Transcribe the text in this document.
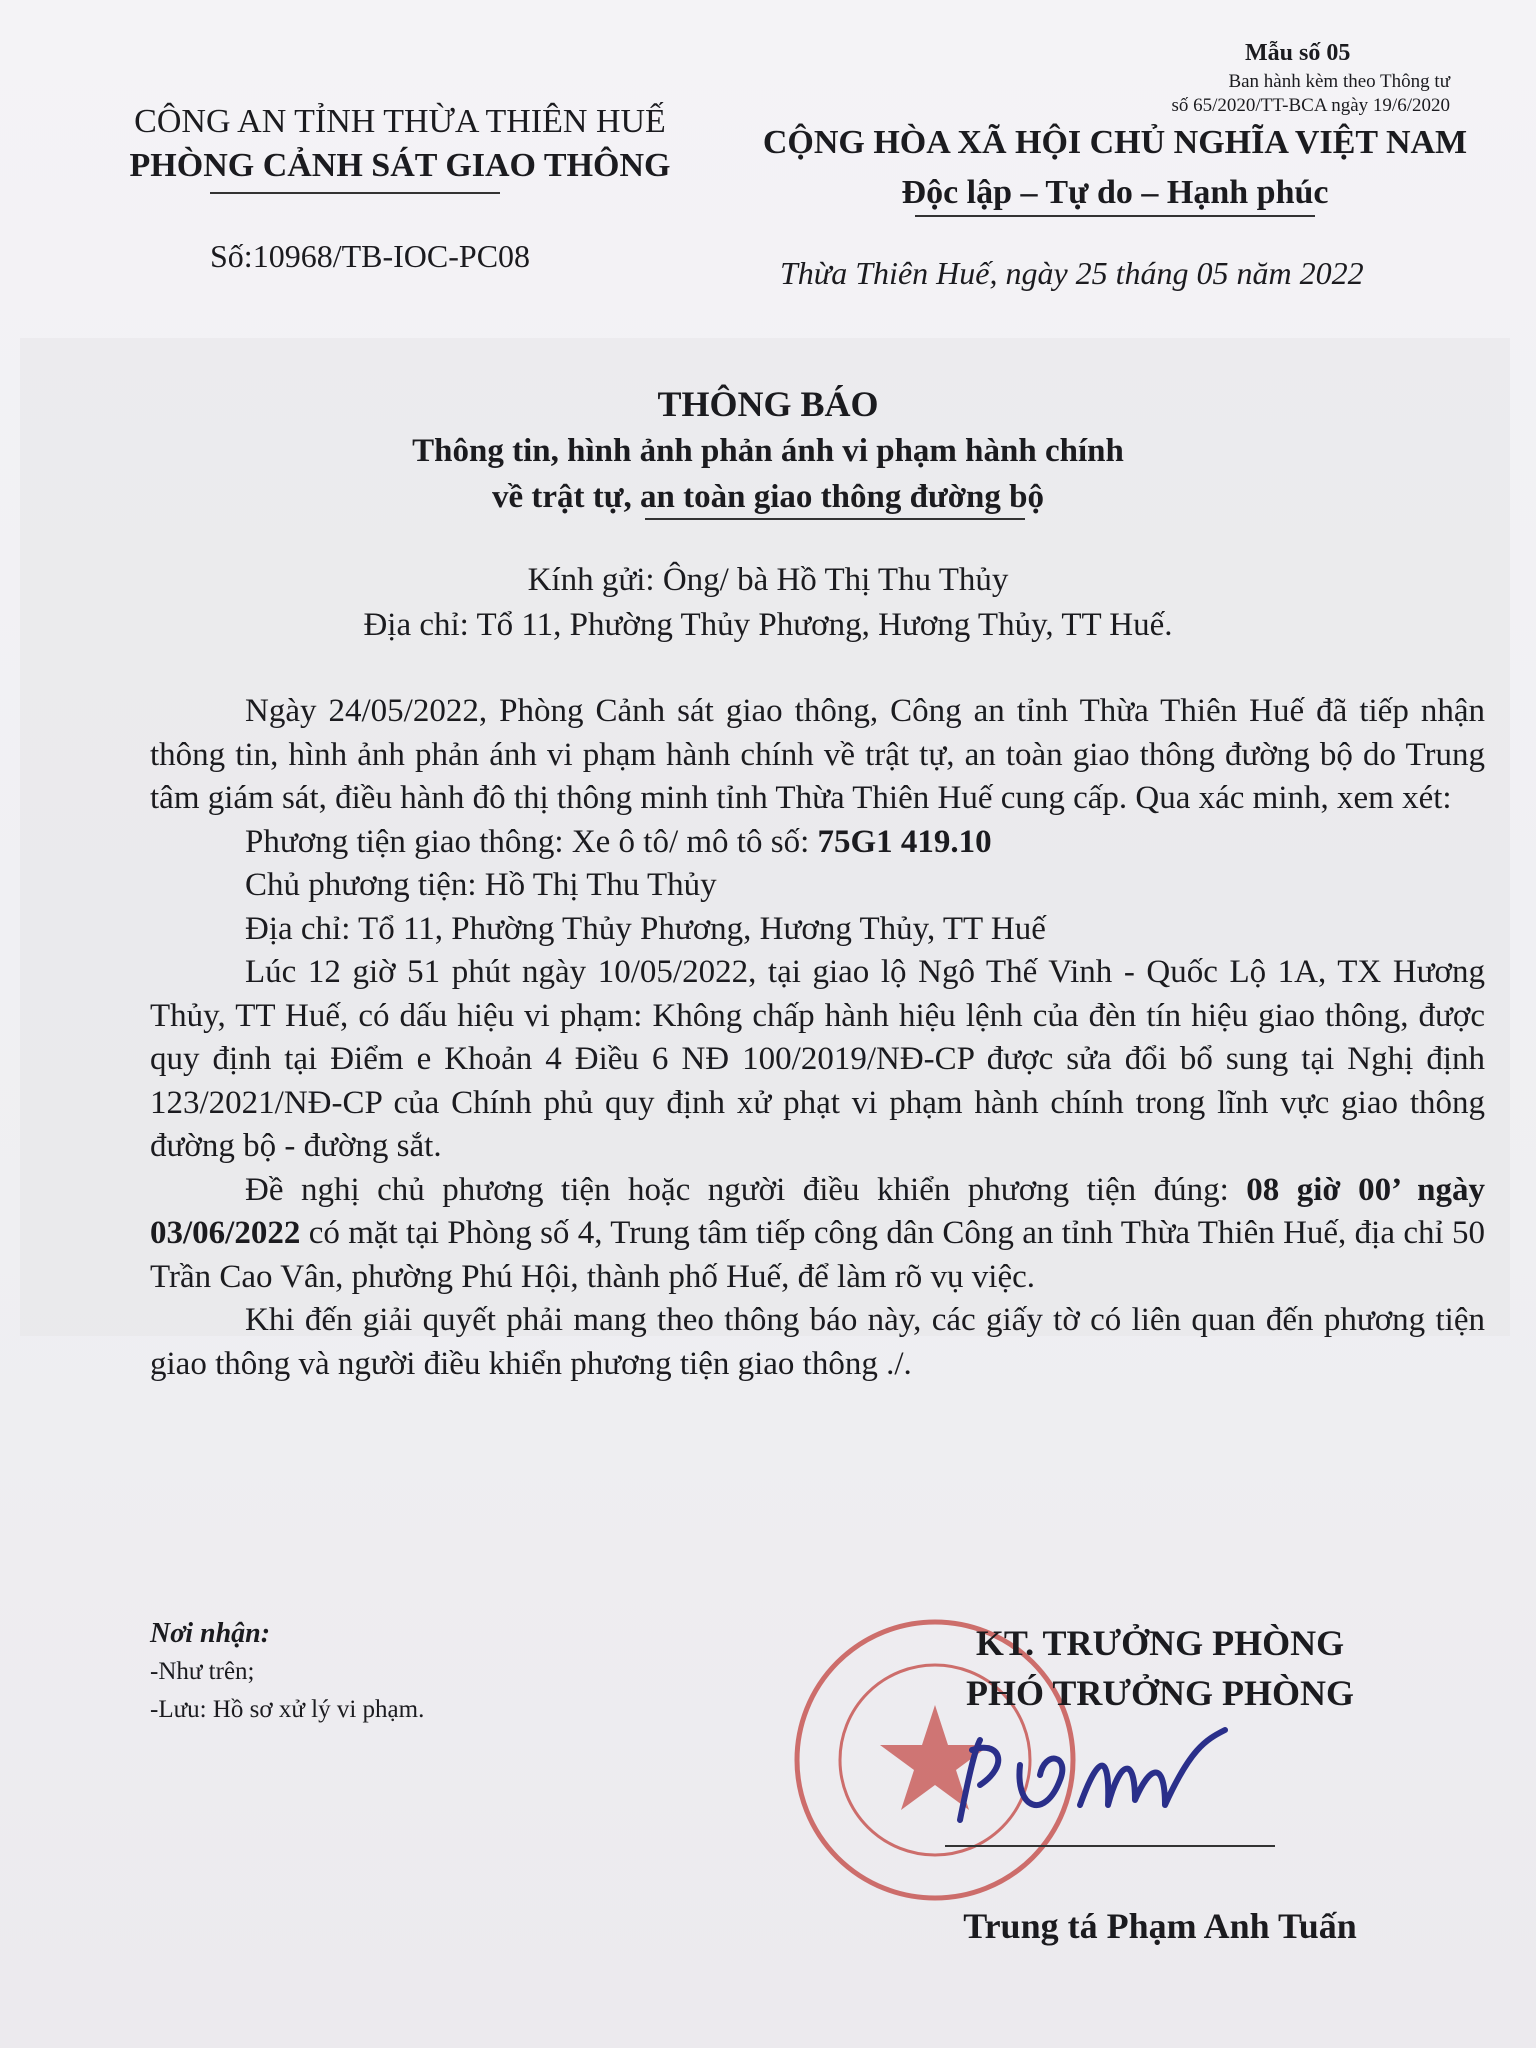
Mẫu số 05
Ban hành kèm theo Thông tư
số 65/2020/TT-BCA ngày 19/6/2020
CÔNG AN TỈNH THỪA THIÊN HUẾ
PHÒNG CẢNH SÁT GIAO THÔNG
Số:10968/TB-IOC-PC08
CỘNG HÒA XÃ HỘI CHỦ NGHĨA VIỆT NAM
Độc lập – Tự do – Hạnh phúc
Thừa Thiên Huế, ngày 25 tháng 05 năm 2022
THÔNG BÁO
Thông tin, hình ảnh phản ánh vi phạm hành chính
về trật tự, an toàn giao thông đường bộ
Kính gửi: Ông/ bà Hồ Thị Thu Thủy
Địa chỉ: Tổ 11, Phường Thủy Phương, Hương Thủy, TT Huế.

Ngày 24/05/2022, Phòng Cảnh sát giao thông, Công an tỉnh Thừa Thiên Huế đã tiếp nhận thông tin, hình ảnh phản ánh vi phạm hành chính về trật tự, an toàn giao thông đường bộ do Trung tâm giám sát, điều hành đô thị thông minh tỉnh Thừa Thiên Huế cung cấp. Qua xác minh, xem xét:

Phương tiện giao thông: Xe ô tô/ mô tô số: 75G1 419.10

Chủ phương tiện: Hồ Thị Thu Thủy

Địa chỉ: Tổ 11, Phường Thủy Phương, Hương Thủy, TT Huế

Lúc 12 giờ 51 phút ngày 10/05/2022, tại giao lộ Ngô Thế Vinh - Quốc Lộ 1A, TX Hương Thủy, TT Huế, có dấu hiệu vi phạm: Không chấp hành hiệu lệnh của đèn tín hiệu giao thông, được quy định tại Điểm e Khoản 4 Điều 6 NĐ 100/2019/NĐ-CP được sửa đổi bổ sung tại Nghị định 123/2021/NĐ-CP của Chính phủ quy định xử phạt vi phạm hành chính trong lĩnh vực giao thông đường bộ - đường sắt.

Đề nghị chủ phương tiện hoặc người điều khiển phương tiện đúng: 08 giờ 00’ ngày 03/06/2022 có mặt tại Phòng số 4, Trung tâm tiếp công dân Công an tỉnh Thừa Thiên Huế, địa chỉ 50 Trần Cao Vân, phường Phú Hội, thành phố Huế, để làm rõ vụ việc.

Khi đến giải quyết phải mang theo thông báo này, các giấy tờ có liên quan đến phương tiện giao thông và người điều khiển phương tiện giao thông ./.

Nơi nhận:
-Như trên;
-Lưu: Hồ sơ xử lý vi phạm.
KT. TRƯỞNG PHÒNG
PHÓ TRƯỞNG PHÒNG
Trung tá Phạm Anh Tuấn
